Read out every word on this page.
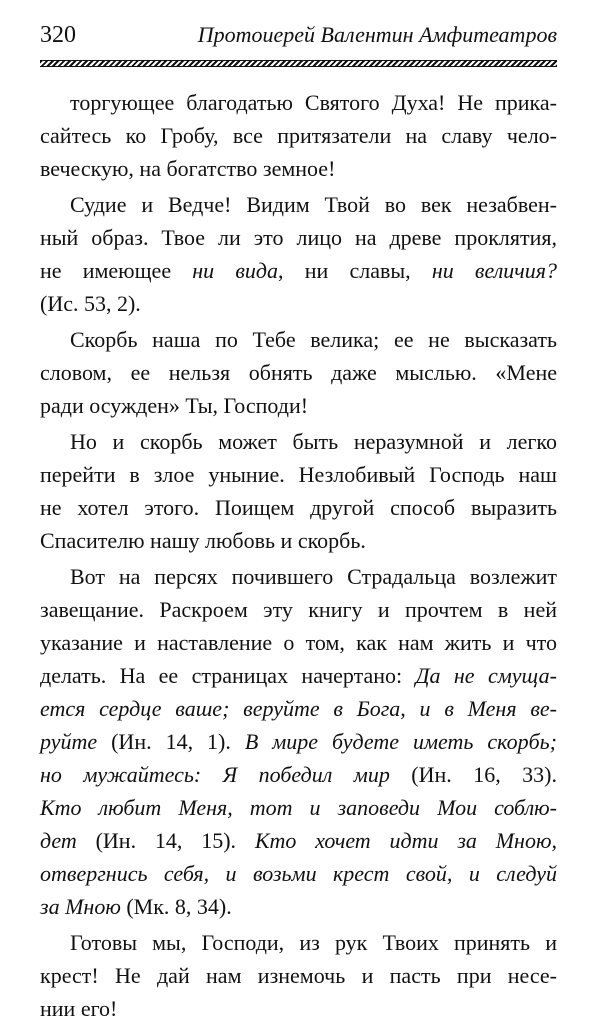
320	Протоиерей Валентин Амфитеатров
торгующее благодатью Святого Духа! Не прика-
сайтесь ко Гробу, все притязатели на славу чело-
веческую, на богатство земное!
Судие и Ведче! Видим Твой во век незабвен-
ный образ. Твое ли это лицо на древе проклятия,
не имеющее ни вида, ни славы, ни величия?
(Ис. 53, 2).
Скорбь наша по Тебе велика; ее не высказать
словом, ее нельзя обнять даже мыслью. «Мене
ради осужден» Ты, Господи!
Но и скорбь может быть неразумной и легко
перейти в злое уныние. Незлобивый Господь наш
не хотел этого. Поищем другой способ выразить
Спасителю нашу любовь и скорбь.
Вот на персях почившего Страдальца возлежит
завещание. Раскроем эту книгу и прочтем в ней
указание и наставление о том, как нам жить и что
делать. На ее страницах начертано: Да не смуща-
ется сердце ваше; веруйте в Бога, и в Меня ве-
руйте (Ин. 14, 1). В мире будете иметь скорбь;
но мужайтесь: Я победил мир (Ин. 16, 33).
Кто любит Меня, тот и заповеди Мои соблю-
дет (Ин. 14, 15). Кто хочет идти за Мною,
отвергнись себя, и возьми крест свой, и следуй
за Мною (Мк. 8, 34).
Готовы мы, Господи, из рук Твоих принять и
крест! Не дай нам изнемочь и пасть при несе-
нии его!
